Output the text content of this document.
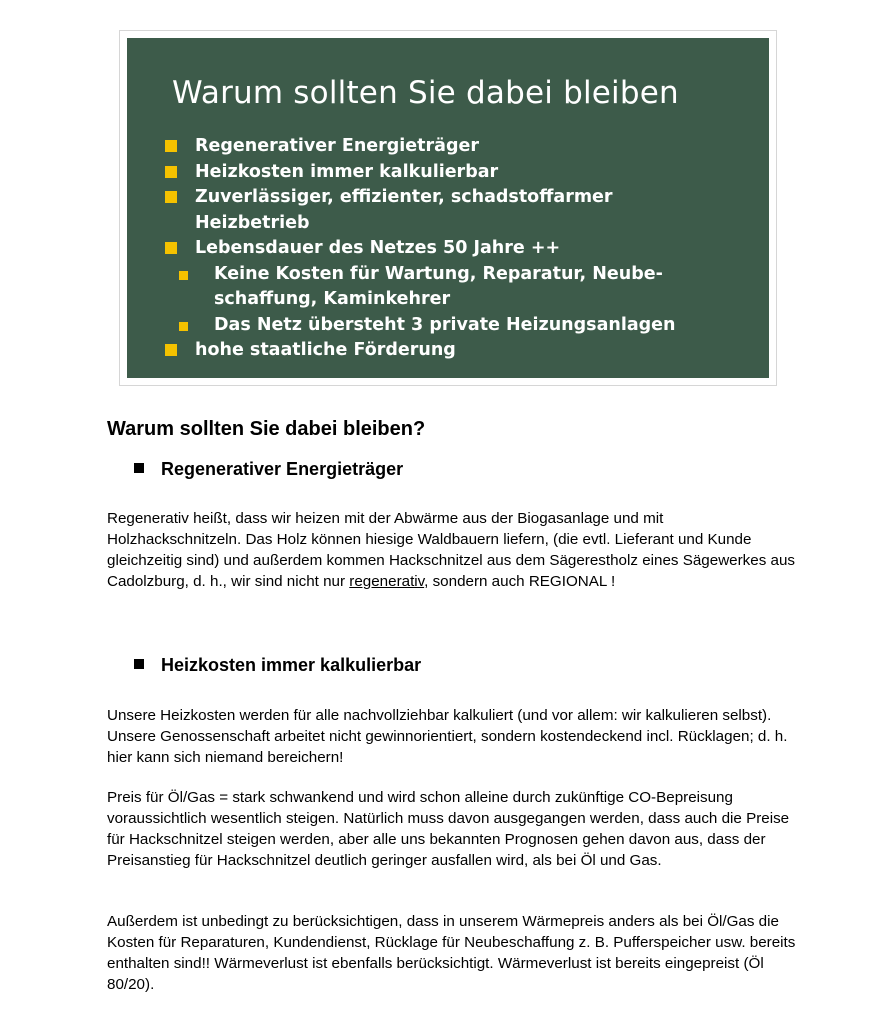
Warum sollten Sie dabei bleiben
Regenerativer Energieträger
Heizkosten immer kalkulierbar
Zuverlässiger, effizienter, schadstoffarmer Heizbetrieb
Lebensdauer des Netzes 50 Jahre ++
Keine Kosten für Wartung, Reparatur, Neube-
schaffung, Kaminkehrer
Das Netz übersteht 3 private Heizungsanlagen
hohe staatliche Förderung
Warum sollten Sie dabei bleiben?
Regenerativer Energieträger

Regenerativ heißt, dass wir heizen mit der Abwärme aus der Biogasanlage und mit Holzhackschnitzeln. Das Holz können hiesige Waldbauern liefern, (die evtl. Lieferant und Kunde gleichzeitig sind) und außerdem kommen Hackschnitzel aus dem Sägerestholz eines Sägewerkes aus Cadolzburg, d. h., wir sind nicht nur regenerativ, sondern auch REGIONAL !

Heizkosten immer kalkulierbar

Unsere Heizkosten werden für alle nachvollziehbar kalkuliert (und vor allem: wir kalkulieren selbst). Unsere Genossenschaft arbeitet nicht gewinnorientiert, sondern kostendeckend incl. Rücklagen; d. h. hier kann sich niemand bereichern!

Preis für Öl/Gas = stark schwankend und wird schon alleine durch zukünftige CO-Bepreisung voraussichtlich wesentlich steigen. Natürlich muss davon ausgegangen werden, dass auch die Preise für Hackschnitzel steigen werden, aber alle uns bekannten Prognosen gehen davon aus, dass der Preisanstieg für Hackschnitzel deutlich geringer ausfallen wird, als bei Öl und Gas.

Außerdem ist unbedingt zu berücksichtigen, dass in unserem Wärmepreis anders als bei Öl/Gas die Kosten für Reparaturen, Kundendienst, Rücklage für Neubeschaffung z. B. Pufferspeicher usw. bereits enthalten sind!! Wärmeverlust ist ebenfalls berücksichtigt. Wärmeverlust ist bereits eingepreist (Öl 80/20).
